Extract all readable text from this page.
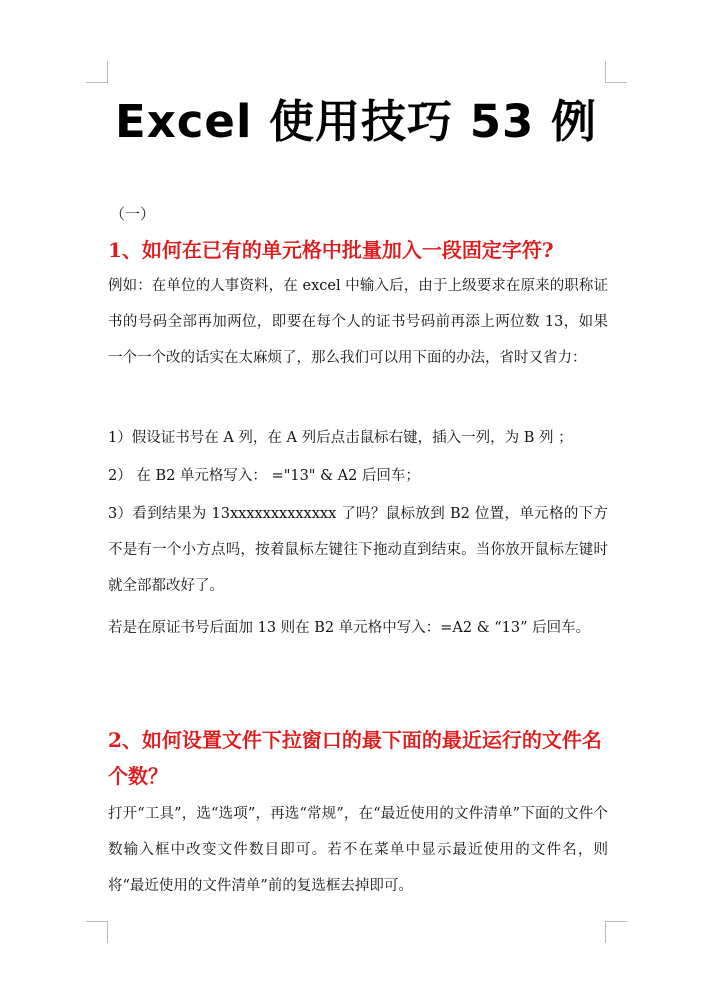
Excel 使用技巧 53 例
（一）
1、如何在已有的单元格中批量加入一段固定字符?

例如：在单位的人事资料，在 excel 中输入后，由于上级要求在原来的职称证书的号码全部再加两位，即要在每个人的证书号码前再添上两位数 13，如果一个一个改的话实在太麻烦了，那么我们可以用下面的办法，省时又省力：

1）假设证书号在 A 列，在 A 列后点击鼠标右键，插入一列，为 B 列 ；

2） 在 B2 单元格写入： ="13" & A2 后回车；

3）看到结果为 13xxxxxxxxxxxxx 了吗？鼠标放到 B2 位置，单元格的下方不是有一个小方点吗，按着鼠标左键往下拖动直到结束。当你放开鼠标左键时就全部都改好了。

若是在原证书号后面加 13 则在 B2 单元格中写入：=A2 & “13” 后回车。

2、如何设置文件下拉窗口的最下面的最近运行的文件名个数？

打开“工具”，选“选项”，再选“常规”，在“最近使用的文件清单”下面的文件个数输入框中改变文件数目即可。若不在菜单中显示最近使用的文件名，则将“最近使用的文件清单”前的复选框去掉即可。
